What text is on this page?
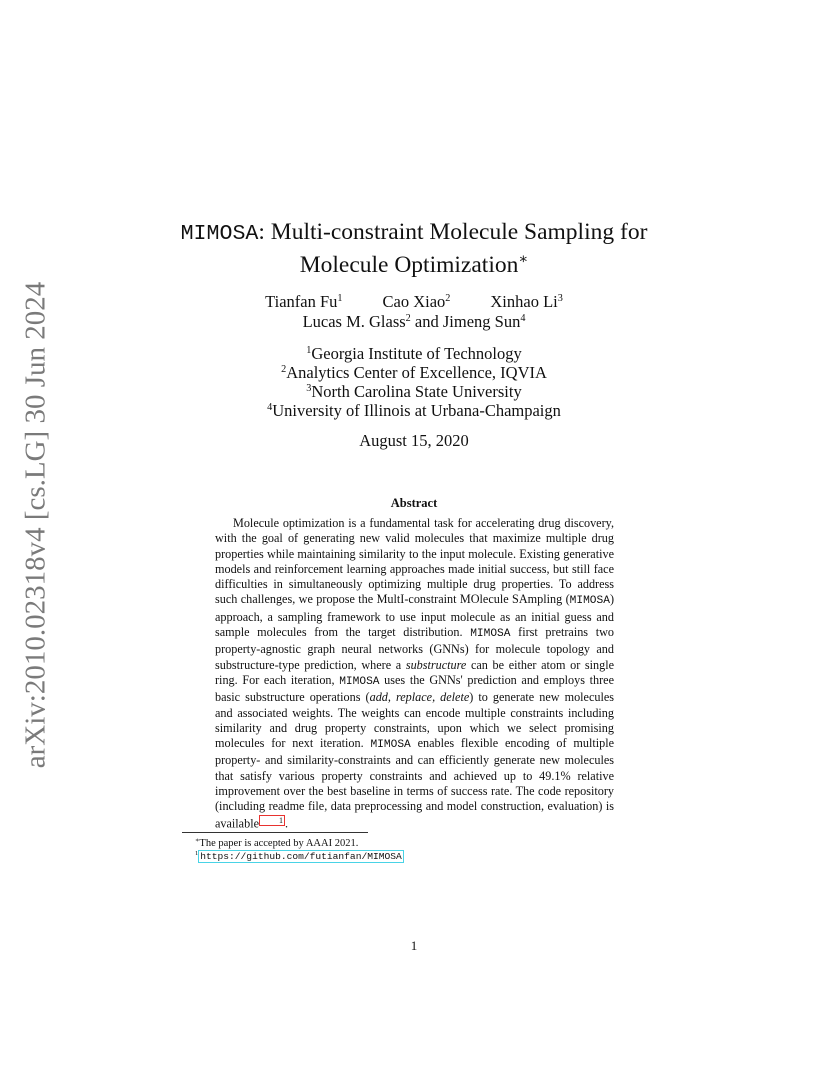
arXiv:2010.02318v4 [cs.LG] 30 Jun 2024
MIMOSA: Multi-constraint Molecule Sampling for
Molecule Optimization∗
Tianfan Fu$^1$ Cao Xiao$^2$ Xinhao Li$^3$
Lucas M. Glass$^2$ and Jimeng Sun$^4$
$^1$Georgia Institute of Technology
$^2$Analytics Center of Excellence, IQVIA
$^3$North Carolina State University
$^4$University of Illinois at Urbana-Champaign
August 15, 2020
Abstract
Molecule optimization is a fundamental task for accelerating drug discovery, with the goal of generating new valid molecules that maximize multiple drug properties while maintaining similarity to the input molecule. Existing generative models and reinforcement learning approaches made initial success, but still face difficulties in simultaneously optimizing multiple drug properties. To address such challenges, we propose the MultI-constraint MOlecule SAmpling (MIMOSA) approach, a sampling framework to use input molecule as an initial guess and sample molecules from the target distribution. MIMOSA first pretrains two property-agnostic graph neural networks (GNNs) for molecule topology and substructure-type prediction, where a substructure can be either atom or single ring. For each iteration, MIMOSA uses the GNNs' prediction and employs three basic substructure operations (add, replace, delete) to generate new molecules and associated weights. The weights can encode multiple constraints including similarity and drug property constraints, upon which we select promising molecules for next iteration. MIMOSA enables flexible encoding of multiple property- and similarity-constraints and can efficiently generate new molecules that satisfy various property constraints and achieved up to 49.1% relative improvement over the best baseline in terms of success rate. The code repository (including readme file, data preprocessing and model construction, evaluation) is available	1 .
∗The paper is accepted by AAAI 2021.
$^1$ https://github.com/futianfan/MIMOSA
1
